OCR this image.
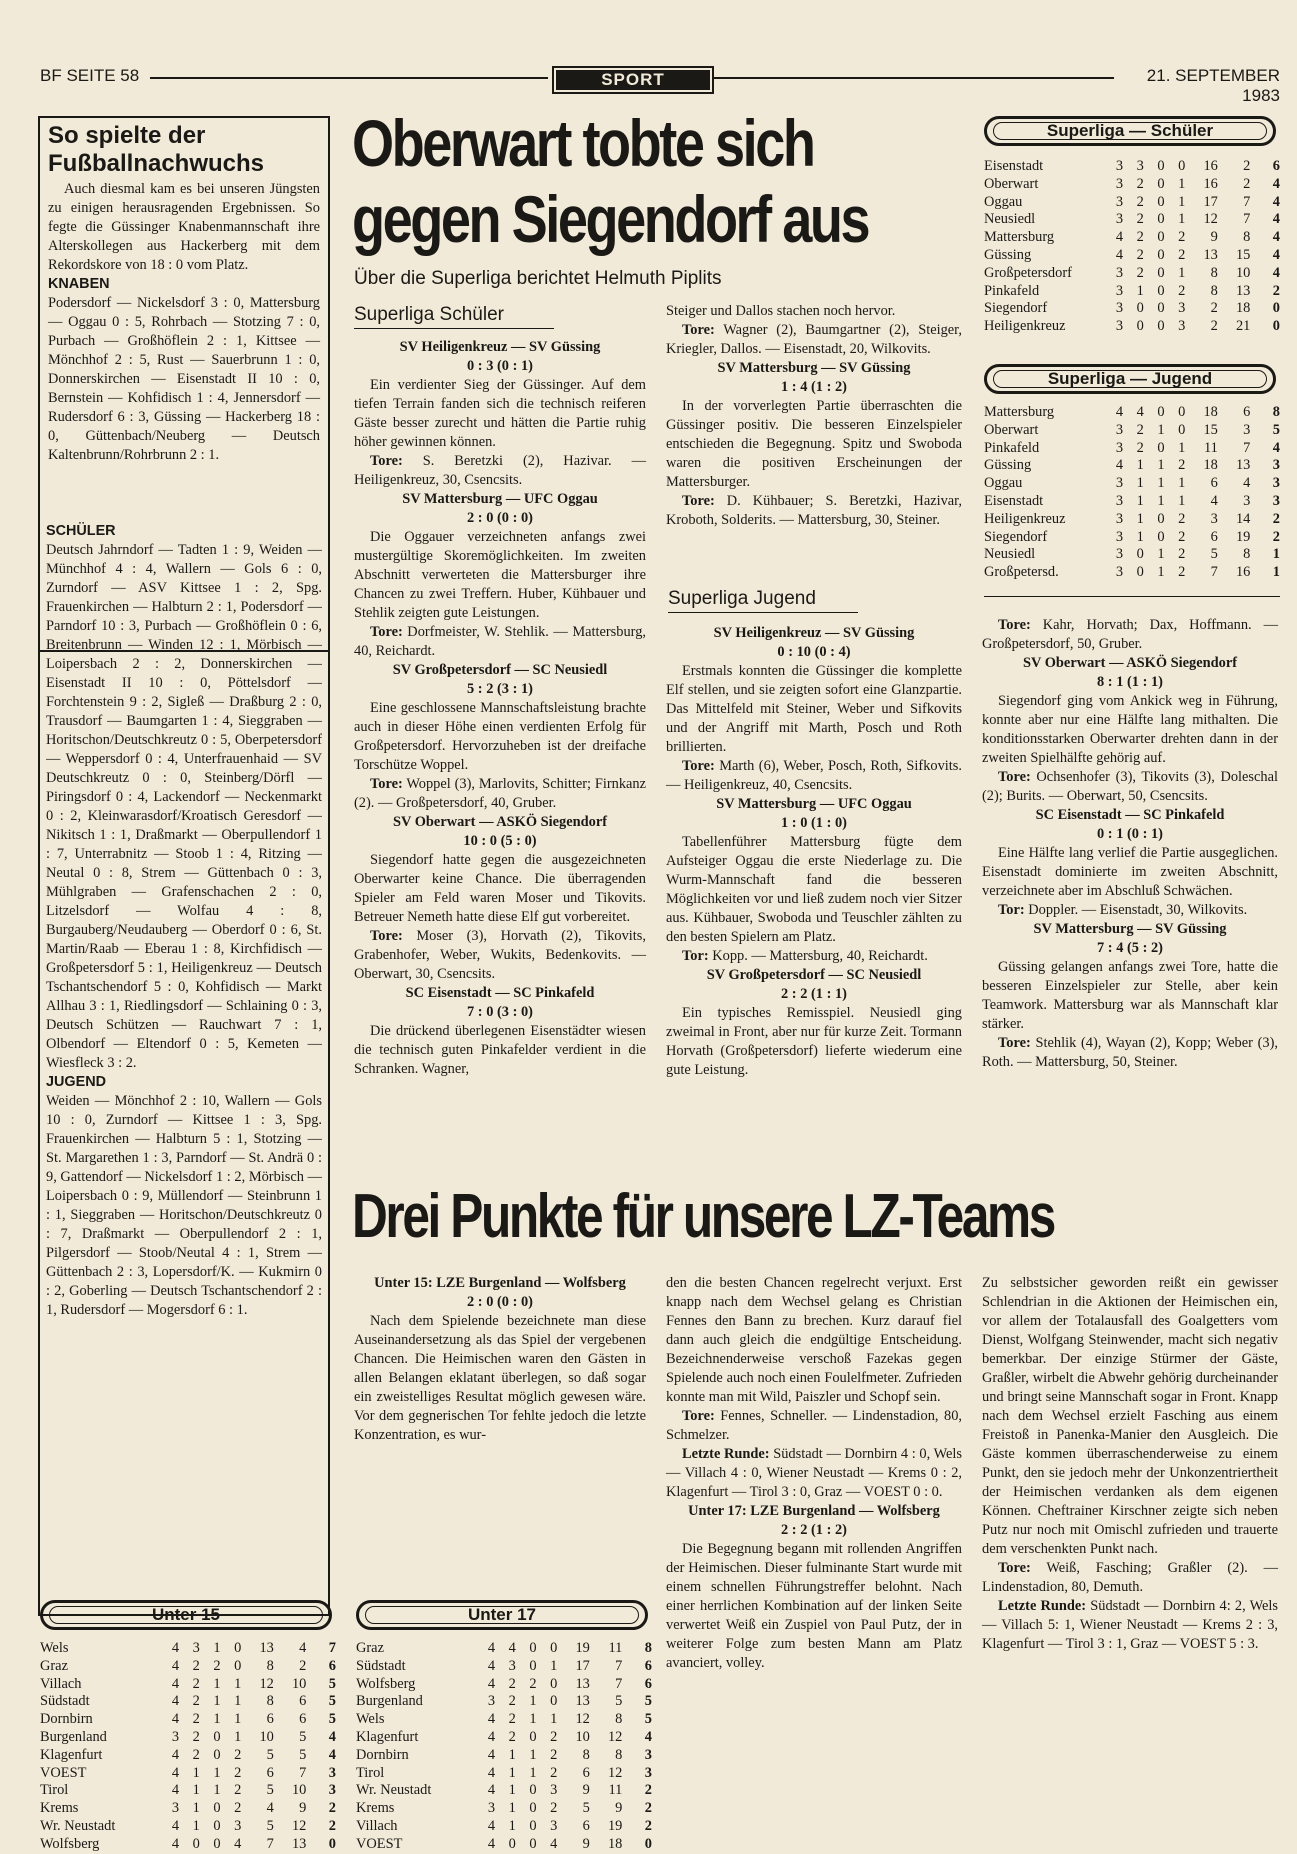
BF SEITE 58	SPORT	21. SEPTEMBER 1983
So spielte der Fußballnachwuchs

Auch diesmal kam es bei unseren Jüngsten zu einigen herausragenden Ergebnissen. So fegte die Güssinger Knabenmannschaft ihre Alterskollegen aus Hackerberg mit dem Rekordskore von 18 : 0 vom Platz.

KNABEN

Podersdorf — Nickelsdorf 3 : 0, Mattersburg — Oggau 0 : 5, Rohrbach — Stotzing 7 : 0, Purbach — Großhöflein 2 : 1, Kittsee — Mönchhof 2 : 5, Rust — Sauerbrunn 1 : 0, Donnerskirchen — Eisenstadt II 10 : 0, Bernstein — Kohfidisch 1 : 4, Jennersdorf — Rudersdorf 6 : 3, Güssing — Hackerberg 18 : 0, Güttenbach/Neuberg — Deutsch Kaltenbrunn/Rohrbrunn 2 : 1.

SCHÜLER

Deutsch Jahrndorf — Tadten 1 : 9, Weiden — Münchhof 4 : 4, Wallern — Gols 6 : 0, Zurndorf — ASV Kittsee 1 : 2, Spg. Frauenkirchen — Halbturn 2 : 1, Podersdorf — Parndorf 10 : 3, Purbach — Großhöflein 0 : 6, Breitenbrunn — Winden 12 : 1, Mörbisch — Loipersbach 2 : 2, Donnerskirchen — Eisenstadt II 10 : 0, Pöttelsdorf — Forchtenstein 9 : 2, Sigleß — Draßburg 2 : 0, Trausdorf — Baumgarten 1 : 4, Sieggraben — Horitschon/Deutschkreutz 0 : 5, Oberpetersdorf — Weppersdorf 0 : 4, Unterfrauenhaid — SV Deutschkreutz 0 : 0, Steinberg/Dörfl — Piringsdorf 0 : 4, Lackendorf — Neckenmarkt 0 : 2, Kleinwarasdorf/Kroatisch Geresdorf — Nikitsch 1 : 1, Draßmarkt — Oberpullendorf 1 : 7, Unterrabnitz — Stoob 1 : 4, Ritzing — Neutal 0 : 8, Strem — Güttenbach 0 : 3, Mühlgraben — Grafenschachen 2 : 0, Litzelsdorf — Wolfau 4 : 8, Burgauberg/Neudauberg — Oberdorf 0 : 6, St. Martin/Raab — Eberau 1 : 8, Kirchfidisch — Großpetersdorf 5 : 1, Heiligenkreuz — Deutsch Tschantschendorf 5 : 0, Kohfidisch — Markt Allhau 3 : 1, Riedlingsdorf — Schlaining 0 : 3, Deutsch Schützen — Rauchwart 7 : 1, Olbendorf — Eltendorf 0 : 5, Kemeten — Wiesfleck 3 : 2.

JUGEND

Weiden — Mönchhof 2 : 10, Wallern — Gols 10 : 0, Zurndorf — Kittsee 1 : 3, Spg. Frauenkirchen — Halbturn 5 : 1, Stotzing — St. Margarethen 1 : 3, Parndorf — St. Andrä 0 : 9, Gattendorf — Nickelsdorf 1 : 2, Mörbisch — Loipersbach 0 : 9, Müllendorf — Steinbrunn 1 : 1, Sieggraben — Horitschon/Deutschkreutz 0 : 7, Draßmarkt — Oberpullendorf 2 : 1, Pilgersdorf — Stoob/Neutal 4 : 1, Strem — Güttenbach 2 : 3, Lopersdorf/K. — Kukmirn 0 : 2, Goberling — Deutsch Tschantschendorf 2 : 1, Rudersdorf — Mogersdorf 6 : 1.

Oberwart tobte sich
gegen Siegendorf aus
Über die Superliga berichtet Helmuth Piplits
Superliga Schüler

SV Heiligenkreuz — SV Güssing

0 : 3 (0 : 1)

Ein verdienter Sieg der Güssinger. Auf dem tiefen Terrain fanden sich die technisch reiferen Gäste besser zurecht und hätten die Partie ruhig höher gewinnen können.

Tore: S. Beretzki (2), Hazivar. — Heiligenkreuz, 30, Csencsits.

SV Mattersburg — UFC Oggau

2 : 0 (0 : 0)

Die Oggauer verzeichneten anfangs zwei mustergültige Skoremöglichkeiten. Im zweiten Abschnitt verwerteten die Mattersburger ihre Chancen zu zwei Treffern. Huber, Kühbauer und Stehlik zeigten gute Leistungen.

Tore: Dorfmeister, W. Stehlik. — Mattersburg, 40, Reichardt.

SV Großpetersdorf — SC Neusiedl

5 : 2 (3 : 1)

Eine geschlossene Mannschaftsleistung brachte auch in dieser Höhe einen verdienten Erfolg für Großpetersdorf. Hervorzuheben ist der dreifache Torschütze Woppel.

Tore: Woppel (3), Marlovits, Schitter; Firnkanz (2). — Großpetersdorf, 40, Gruber.

SV Oberwart — ASKÖ Siegendorf

10 : 0 (5 : 0)

Siegendorf hatte gegen die ausgezeichneten Oberwarter keine Chance. Die überragenden Spieler am Feld waren Moser und Tikovits. Betreuer Nemeth hatte diese Elf gut vorbereitet.

Tore: Moser (3), Horvath (2), Tikovits, Grabenhofer, Weber, Wukits, Bedenkovits. — Oberwart, 30, Csencsits.

SC Eisenstadt — SC Pinkafeld

7 : 0 (3 : 0)

Die drückend überlegenen Eisenstädter wiesen die technisch guten Pinkafelder verdient in die Schranken. Wagner,

Steiger und Dallos stachen noch hervor.

Tore: Wagner (2), Baumgartner (2), Steiger, Kriegler, Dallos. — Eisenstadt, 20, Wilkovits.

SV Mattersburg — SV Güssing

1 : 4 (1 : 2)

In der vorverlegten Partie überraschten die Güssinger positiv. Die besseren Einzelspieler entschieden die Begegnung. Spitz und Swoboda waren die positiven Erscheinungen der Mattersburger.

Tore: D. Kühbauer; S. Beretzki, Hazivar, Kroboth, Solderits. — Mattersburg, 30, Steiner.

Superliga Jugend

SV Heiligenkreuz — SV Güssing

0 : 10 (0 : 4)

Erstmals konnten die Güssinger die komplette Elf stellen, und sie zeigten sofort eine Glanzpartie. Das Mittelfeld mit Steiner, Weber und Sifkovits und der Angriff mit Marth, Posch und Roth brillierten.

Tore: Marth (6), Weber, Posch, Roth, Sifkovits. — Heiligenkreuz, 40, Csencsits.

SV Mattersburg — UFC Oggau

1 : 0 (1 : 0)

Tabellenführer Mattersburg fügte dem Aufsteiger Oggau die erste Niederlage zu. Die Wurm-Mannschaft fand die besseren Möglichkeiten vor und ließ zudem noch vier Sitzer aus. Kühbauer, Swoboda und Teuschler zählten zu den besten Spielern am Platz.

Tor: Kopp. — Mattersburg, 40, Reichardt.

SV Großpetersdorf — SC Neusiedl

2 : 2 (1 : 1)

Ein typisches Remisspiel. Neusiedl ging zweimal in Front, aber nur für kurze Zeit. Tormann Horvath (Großpetersdorf) lieferte wiederum eine gute Leistung.

Superliga — Schüler
Eisenstadt	3	3	0	0	16	2	6
Oberwart	3	2	0	1	16	2	4
Oggau	3	2	0	1	17	7	4
Neusiedl	3	2	0	1	12	7	4
Mattersburg	4	2	0	2	9	8	4
Güssing	4	2	0	2	13	15	4
Großpetersdorf	3	2	0	1	8	10	4
Pinkafeld	3	1	0	2	8	13	2
Siegendorf	3	0	0	3	2	18	0
Heiligenkreuz	3	0	0	3	2	21	0
Superliga — Jugend
Mattersburg	4	4	0	0	18	6	8
Oberwart	3	2	1	0	15	3	5
Pinkafeld	3	2	0	1	11	7	4
Güssing	4	1	1	2	18	13	3
Oggau	3	1	1	1	6	4	3
Eisenstadt	3	1	1	1	4	3	3
Heiligenkreuz	3	1	0	2	3	14	2
Siegendorf	3	1	0	2	6	19	2
Neusiedl	3	0	1	2	5	8	1
Großpetersd.	3	0	1	2	7	16	1

Tore: Kahr, Horvath; Dax, Hoffmann. — Großpetersdorf, 50, Gruber.

SV Oberwart — ASKÖ Siegendorf

8 : 1 (1 : 1)

Siegendorf ging vom Ankick weg in Führung, konnte aber nur eine Hälfte lang mithalten. Die konditionsstarken Oberwarter drehten dann in der zweiten Spielhälfte gehörig auf.

Tore: Ochsenhofer (3), Tikovits (3), Doleschal (2); Burits. — Oberwart, 50, Csencsits.

SC Eisenstadt — SC Pinkafeld

0 : 1 (0 : 1)

Eine Hälfte lang verlief die Partie ausgeglichen. Eisenstadt dominierte im zweiten Abschnitt, verzeichnete aber im Abschluß Schwächen.

Tor: Doppler. — Eisenstadt, 30, Wilkovits.

SV Mattersburg — SV Güssing

7 : 4 (5 : 2)

Güssing gelangen anfangs zwei Tore, hatte die besseren Einzelspieler zur Stelle, aber kein Teamwork. Mattersburg war als Mannschaft klar stärker.

Tore: Stehlik (4), Wayan (2), Kopp; Weber (3), Roth. — Mattersburg, 50, Steiner.

Drei Punkte für unsere LZ-Teams

Unter 15: LZE Burgenland — Wolfsberg

2 : 0 (0 : 0)

Nach dem Spielende bezeichnete man diese Auseinandersetzung als das Spiel der vergebenen Chancen. Die Heimischen waren den Gästen in allen Belangen eklatant überlegen, so daß sogar ein zweistelliges Resultat möglich gewesen wäre. Vor dem gegnerischen Tor fehlte jedoch die letzte Konzentration, es wur-

den die besten Chancen regelrecht verjuxt. Erst knapp nach dem Wechsel gelang es Christian Fennes den Bann zu brechen. Kurz darauf fiel dann auch gleich die endgültige Entscheidung. Bezeichnenderweise verschoß Fazekas gegen Spielende auch noch einen Foulelfmeter. Zufrieden konnte man mit Wild, Paiszler und Schopf sein.

Tore: Fennes, Schneller. — Lindenstadion, 80, Schmelzer.

Letzte Runde: Südstadt — Dornbirn 4 : 0, Wels — Villach 4 : 0, Wiener Neustadt — Krems 0 : 2, Klagenfurt — Tirol 3 : 0, Graz — VOEST 0 : 0.

Unter 17: LZE Burgenland — Wolfsberg

2 : 2 (1 : 2)

Die Begegnung begann mit rollenden Angriffen der Heimischen. Dieser fulminante Start wurde mit einem schnellen Führungstreffer belohnt. Nach einer herrlichen Kombination auf der linken Seite verwertet Weiß ein Zuspiel von Paul Putz, der in weiterer Folge zum besten Mann am Platz avanciert, volley.

Zu selbstsicher geworden reißt ein gewisser Schlendrian in die Aktionen der Heimischen ein, vor allem der Totalausfall des Goalgetters vom Dienst, Wolfgang Steinwender, macht sich negativ bemerkbar. Der einzige Stürmer der Gäste, Graßler, wirbelt die Abwehr gehörig durcheinander und bringt seine Mannschaft sogar in Front. Knapp nach dem Wechsel erzielt Fasching aus einem Freistoß in Panenka-Manier den Ausgleich. Die Gäste kommen überraschenderweise zu einem Punkt, den sie jedoch mehr der Unkonzentriertheit der Heimischen verdanken als dem eigenen Können. Cheftrainer Kirschner zeigte sich neben Putz nur noch mit Omischl zufrieden und trauerte dem verschenkten Punkt nach.

Tore: Weiß, Fasching; Graßler (2). — Lindenstadion, 80, Demuth.

Letzte Runde: Südstadt — Dornbirn 4: 2, Wels — Villach 5: 1, Wiener Neustadt — Krems 2 : 3, Klagenfurt — Tirol 3 : 1, Graz — VOEST 5 : 3.

Unter 15
Wels	4	3	1	0	13	4	7
Graz	4	2	2	0	8	2	6
Villach	4	2	1	1	12	10	5
Südstadt	4	2	1	1	8	6	5
Dornbirn	4	2	1	1	6	6	5
Burgenland	3	2	0	1	10	5	4
Klagenfurt	4	2	0	2	5	5	4
VOEST	4	1	1	2	6	7	3
Tirol	4	1	1	2	5	10	3
Krems	3	1	0	2	4	9	2
Wr. Neustadt	4	1	0	3	5	12	2
Wolfsberg	4	0	0	4	7	13	0
Unter 17
Graz	4	4	0	0	19	11	8
Südstadt	4	3	0	1	17	7	6
Wolfsberg	4	2	2	0	13	7	6
Burgenland	3	2	1	0	13	5	5
Wels	4	2	1	1	12	8	5
Klagenfurt	4	2	0	2	10	12	4
Dornbirn	4	1	1	2	8	8	3
Tirol	4	1	1	2	6	12	3
Wr. Neustadt	4	1	0	3	9	11	2
Krems	3	1	0	2	5	9	2
Villach	4	1	0	3	6	19	2
VOEST	4	0	0	4	9	18	0
